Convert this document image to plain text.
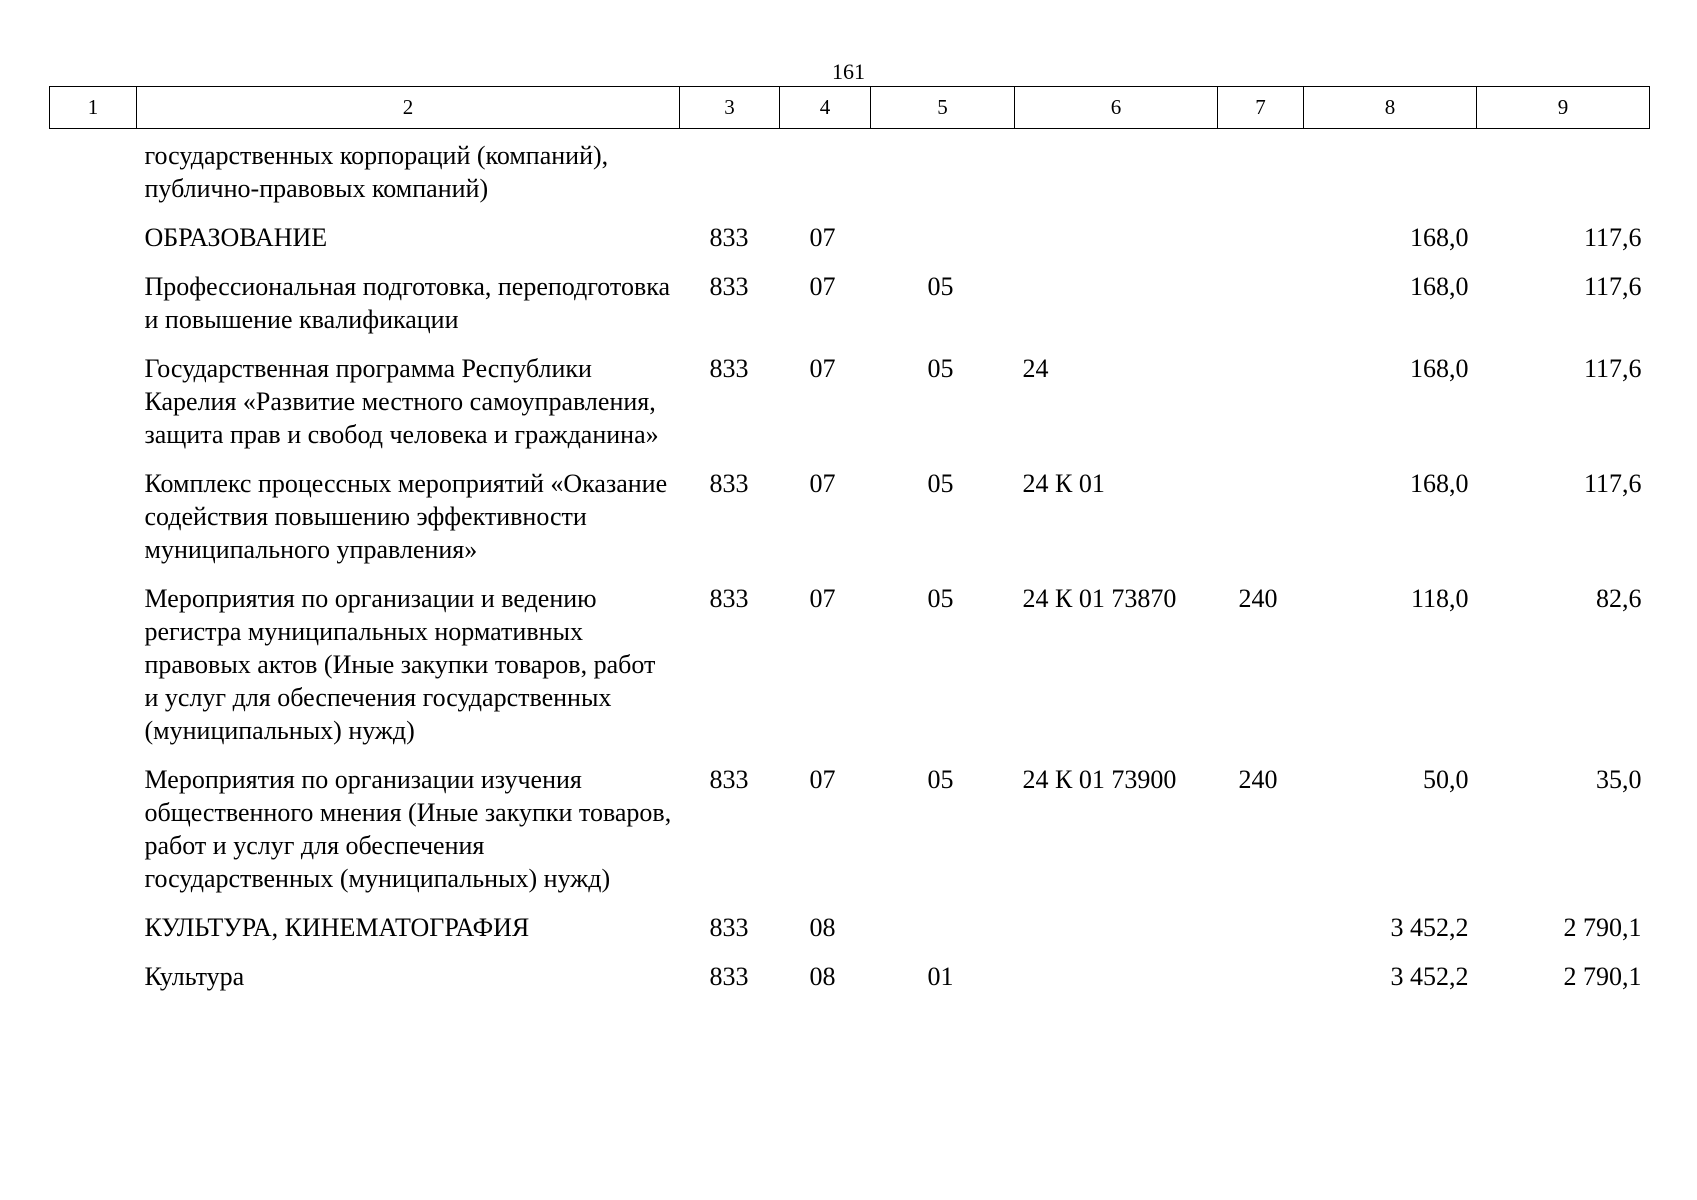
161
1	2	3	4	5	6	7	8	9
	государственных корпораций (компаний), публично-правовых компаний)							
	ОБРАЗОВАНИЕ	833	07				168,0	117,6
	Профессиональная подготовка, переподготовка и повышение квалификации	833	07	05			168,0	117,6
	Государственная программа Республики Карелия «Развитие местного самоуправления, защита прав и свобод человека и гражданина»	833	07	05	24		168,0	117,6
	Комплекс процессных мероприятий «Оказание содействия повышению эффективности муниципального управления»	833	07	05	24 К 01		168,0	117,6
	Мероприятия по организации и ведению регистра муниципальных нормативных правовых актов (Иные закупки товаров, работ и услуг для обеспечения государственных (муниципальных) нужд)	833	07	05	24 К 01 73870	240	118,0	82,6
	Мероприятия по организации изучения общественного мнения (Иные закупки товаров, работ и услуг для обеспечения государственных (муниципальных) нужд)	833	07	05	24 К 01 73900	240	50,0	35,0
	КУЛЬТУРА, КИНЕМАТОГРАФИЯ	833	08				3 452,2	2 790,1
	Культура	833	08	01			3 452,2	2 790,1
